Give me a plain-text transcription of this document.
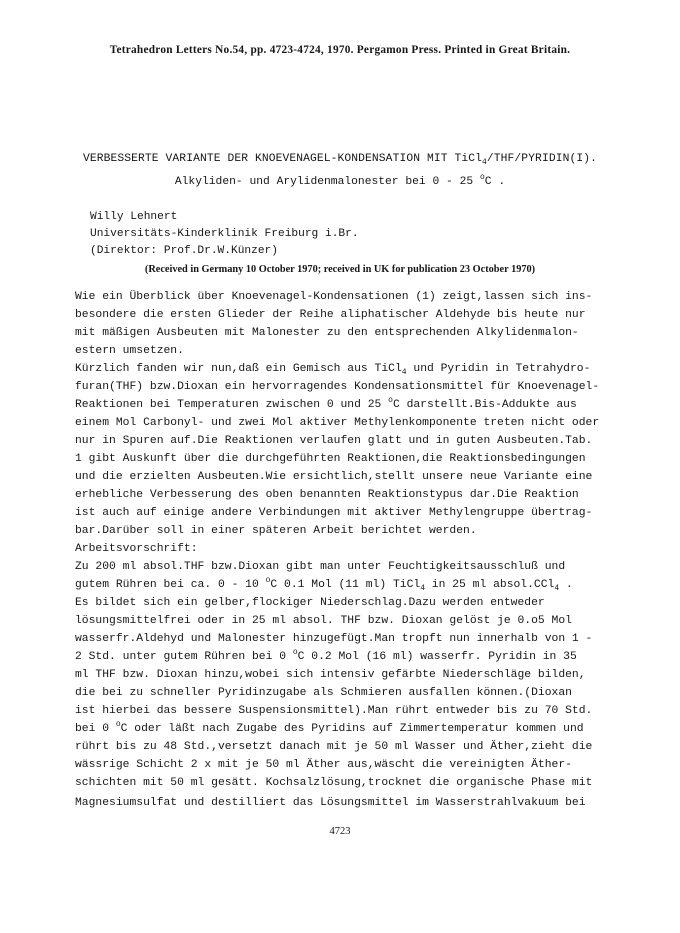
Tetrahedron Letters No.54, pp. 4723-4724, 1970. Pergamon Press. Printed in Great Britain.
VERBESSERTE VARIANTE DER KNOEVENAGEL-KONDENSATION MIT TiCl$_4$/THF/PYRIDIN(I).
Alkyliden- und Arylidenmalonester bei 0 - 25 $^o$C .
Willy Lehnert
Universitäts-Kinderklinik Freiburg i.Br.
(Direktor: Prof.Dr.W.Künzer)
(Received in Germany 10 October 1970; received in UK for publication 23 October 1970)
Wie ein Überblick über Knoevenagel-Kondensationen (1) zeigt,lassen sich ins-
besondere die ersten Glieder der Reihe aliphatischer Aldehyde bis heute nur
mit mäßigen Ausbeuten mit Malonester zu den entsprechenden Alkylidenmalon-
estern umsetzen.
Kürzlich fanden wir nun,daß ein Gemisch aus TiCl$_4$ und Pyridin in Tetrahydro-
furan(THF) bzw.Dioxan ein hervorragendes Kondensationsmittel für Knoevenagel-
Reaktionen bei Temperaturen zwischen 0 und 25 $^o$C darstellt.Bis-Addukte aus
einem Mol Carbonyl- und zwei Mol aktiver Methylenkomponente treten nicht oder
nur in Spuren auf.Die Reaktionen verlaufen glatt und in guten Ausbeuten.Tab.
1 gibt Auskunft über die durchgeführten Reaktionen,die Reaktionsbedingungen
und die erzielten Ausbeuten.Wie ersichtlich,stellt unsere neue Variante eine
erhebliche Verbesserung des oben benannten Reaktionstypus dar.Die Reaktion
ist auch auf einige andere Verbindungen mit aktiver Methylengruppe übertrag-
bar.Darüber soll in einer späteren Arbeit berichtet werden.
Arbeitsvorschrift:
Zu 200 ml absol.THF bzw.Dioxan gibt man unter Feuchtigkeitsausschluß und
gutem Rühren bei ca. 0 - 10 $^o$C 0.1 Mol (11 ml) TiCl$_4$ in 25 ml absol.CCl$_4$ .
Es bildet sich ein gelber,flockiger Niederschlag.Dazu werden entweder
lösungsmittelfrei oder in 25 ml absol. THF bzw. Dioxan gelöst je 0.o5 Mol
wasserfr.Aldehyd und Malonester hinzugefügt.Man tropft nun innerhalb von 1 -
2 Std. unter gutem Rühren bei 0 $^o$C 0.2 Mol (16 ml) wasserfr. Pyridin in 35
ml THF bzw. Dioxan hinzu,wobei sich intensiv gefärbte Niederschläge bilden,
die bei zu schneller Pyridinzugabe als Schmieren ausfallen können.(Dioxan
ist hierbei das bessere Suspensionsmittel).Man rührt entweder bis zu 70 Std.
bei 0 $^o$C oder läßt nach Zugabe des Pyridins auf Zimmertemperatur kommen und
rührt bis zu 48 Std.,versetzt danach mit je 50 ml Wasser und Äther,zieht die
wässrige Schicht 2 x mit je 50 ml Äther aus,wäscht die vereinigten Äther-
schichten mit 50 ml gesätt. Kochsalzlösung,trocknet die organische Phase mit
Magnesiumsulfat und destilliert das Lösungsmittel im Wasserstrahlvakuum bei
4723
